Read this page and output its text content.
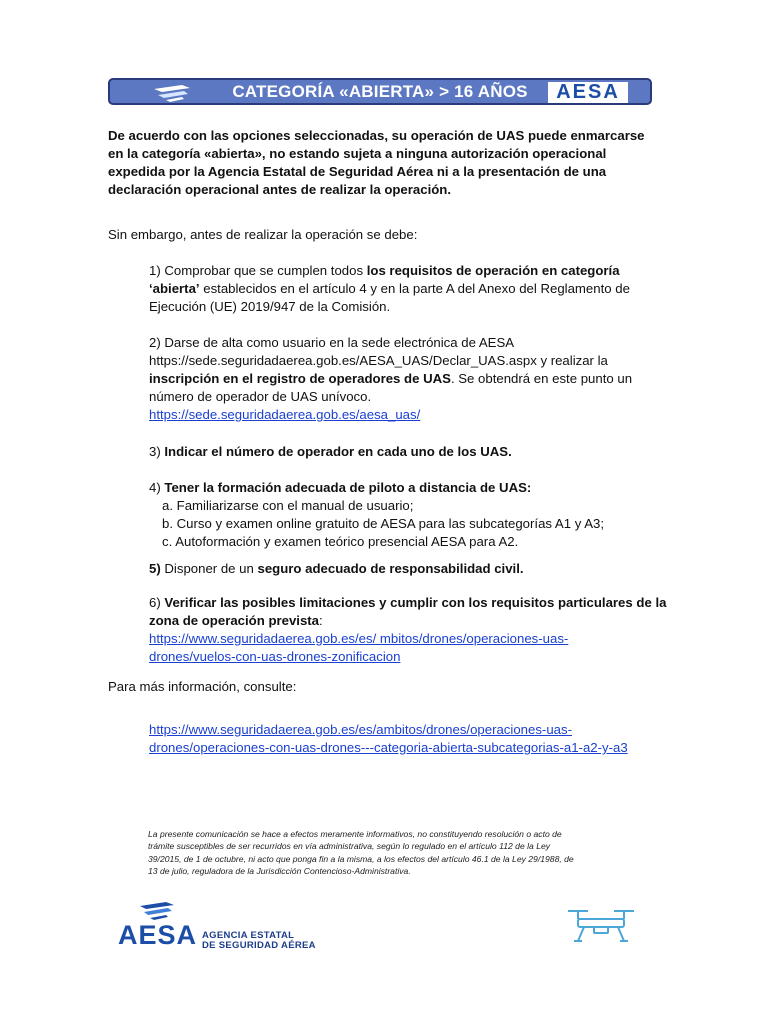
CATEGORÍA «ABIERTA» > 16 AÑOS	AESA
De acuerdo con las opciones seleccionadas, su operación de UAS puede enmarcarse en la categoría «abierta», no estando sujeta a ninguna autorización operacional expedida por la Agencia Estatal de Seguridad Aérea ni a la presentación de una declaración operacional antes de realizar la operación.
Sin embargo, antes de realizar la operación se debe:
1) Comprobar que se cumplen todos los requisitos de operación en categoría ‘abierta’ establecidos en el artículo 4 y en la parte A del Anexo del Reglamento de Ejecución (UE) 2019/947 de la Comisión.
2) Darse de alta como usuario en la sede electrónica de AESA
https://sede.seguridadaerea.gob.es/AESA_UAS/Declar_UAS.aspx y realizar la
inscripción en el registro de operadores de UAS. Se obtendrá en este punto un número de operador de UAS unívoco.
https://sede.seguridadaerea.gob.es/aesa_uas/
3) Indicar el número de operador en cada uno de los UAS.
4) Tener la formación adecuada de piloto a distancia de UAS:
a. Familiarizarse con el manual de usuario;
b. Curso y examen online gratuito de AESA para las subcategorías A1 y A3;
c. Autoformación y examen teórico presencial AESA para A2.
5) Disponer de un seguro adecuado de responsabilidad civil.
6) Verificar las posibles limitaciones y cumplir con los requisitos particulares de la zona de operación prevista:
https://www.seguridadaerea.gob.es/es/ mbitos/drones/operaciones-uas-
drones/vuelos-con-uas-drones-zonificacion
Para más información, consulte:
https://www.seguridadaerea.gob.es/es/ambitos/drones/operaciones-uas-
drones/operaciones-con-uas-drones---categoria-abierta-subcategorias-a1-a2-y-a3
La presente comunicación se hace a efectos meramente informativos, no constituyendo resolución o acto de trámite susceptibles de ser recurridos en vía administrativa, según lo regulado en el artículo 112 de la Ley 39/2015, de 1 de octubre, ni acto que ponga fin a la misma, a los efectos del artículo 46.1 de la Ley 29/1988, de 13 de julio, reguladora de la Jurisdicción Contencioso-Administrativa.
AESA AGENCIA ESTATAL
DE SEGURIDAD AÉREA
